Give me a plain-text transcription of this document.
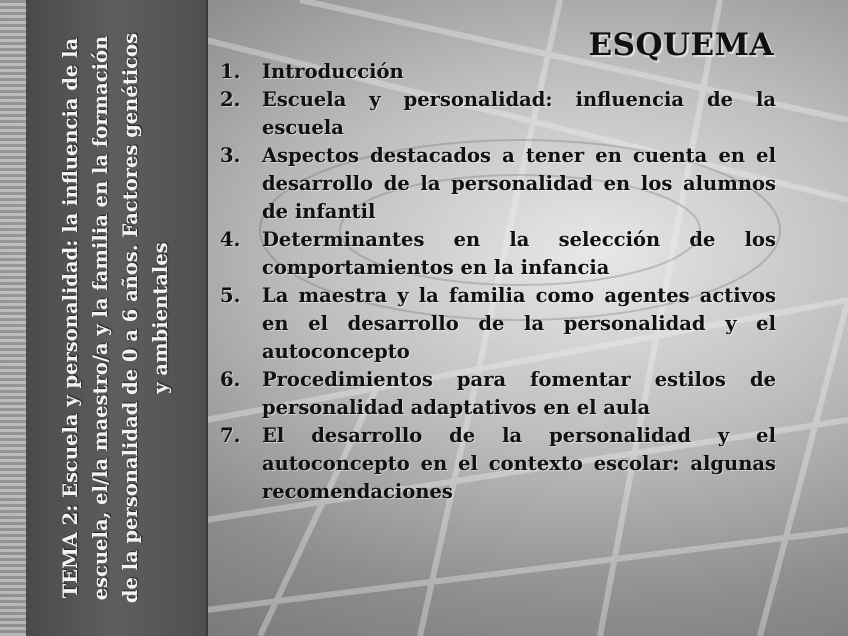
TEMA 2: Escuela y personalidad: la influencia de la escuela, el/la maestro/a y la familia en la formación de la personalidad de 0 a 6 años. Factores genéticos y ambientales
ESQUEMA
1.	Introducción
2.	Escuela y personalidad: influencia de la escuela
3.	Aspectos destacados a tener en cuenta en el desarrollo de la personalidad en los alumnos de infantil
4.	Determinantes en la selección de los comportamientos en la infancia
5.	La maestra y la familia como agentes activos en el desarrollo de la personalidad y el autoconcepto
6.	Procedimientos para fomentar estilos de personalidad adaptativos en el aula
7.	El desarrollo de la personalidad y el autoconcepto en el contexto escolar: algunas recomendaciones
